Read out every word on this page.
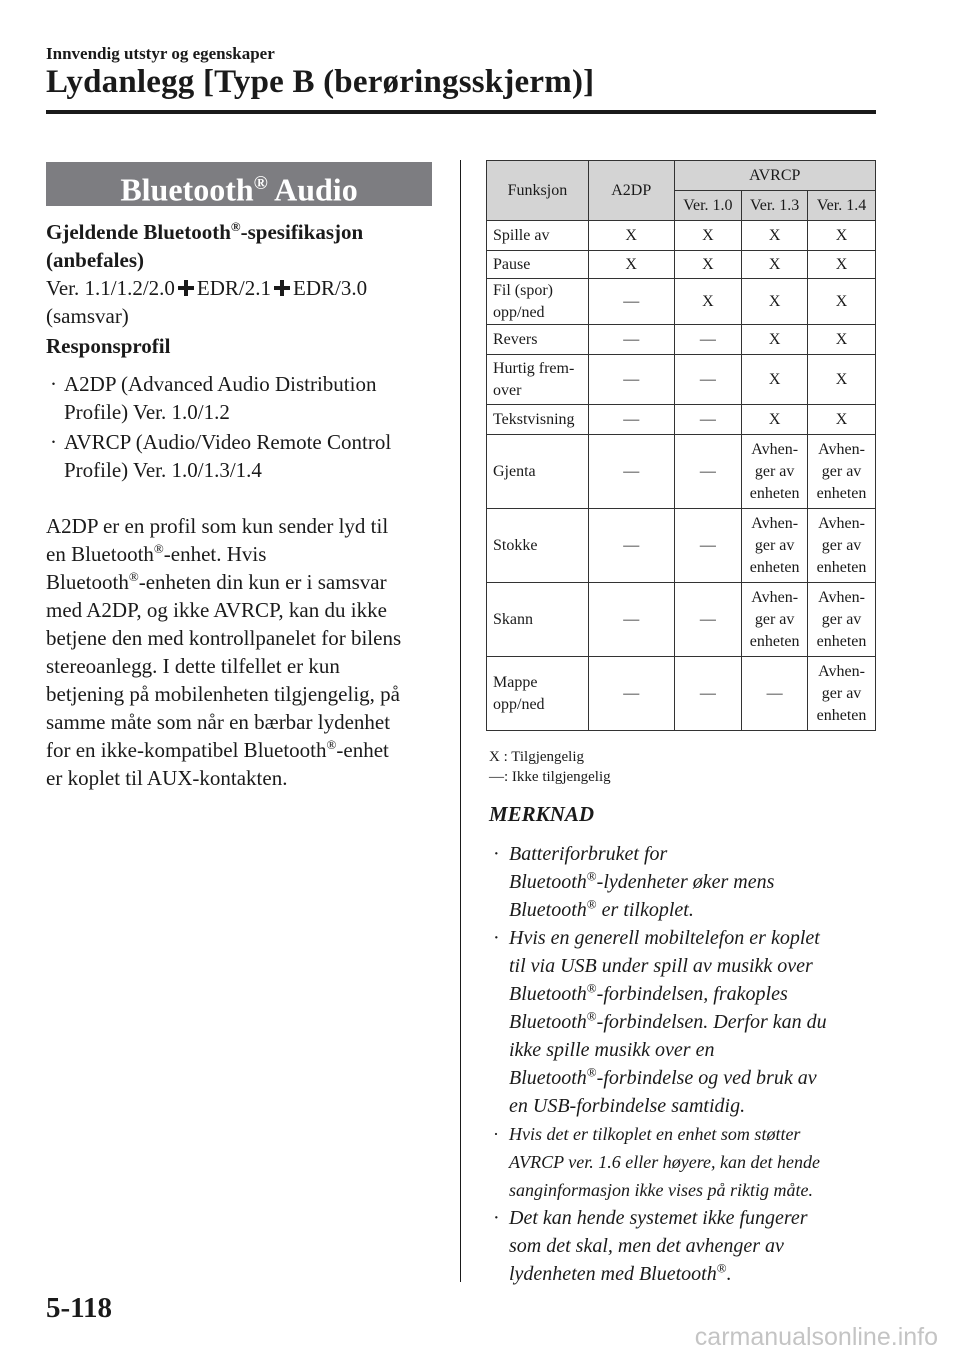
Innvendig utstyr og egenskaper
Lydanlegg [Type B (berøringsskjerm)]
Bluetooth® Audio

Gjeldende Bluetooth®-spesifikasjon

(anbefales)

Ver. 1.1/1.2/2.0 EDR/2.1 EDR/3.0

(samsvar)

Responsprofil

· A2DP (Advanced Audio Distribution

Profile) Ver. 1.0/1.2

· AVRCP (Audio/Video Remote Control

Profile) Ver. 1.0/1.3/1.4

A2DP er en profil som kun sender lyd til

en Bluetooth®-enhet. Hvis

Bluetooth®-enheten din kun er i samsvar

med A2DP, og ikke AVRCP, kan du ikke

betjene den med kontrollpanelet for bilens

stereoanlegg. I dette tilfellet er kun

betjening på mobilenheten tilgjengelig, på

samme måte som når en bærbar lydenhet

for en ikke-kompatibel Bluetooth®-enhet

er koplet til AUX-kontakten.

Funksjon	A2DP	AVRCP		
		Ver. 1.0	Ver. 1.3	Ver. 1.4

Spille av	X	X	X	X

Pause	X	X	X	X

Fil (spor)
opp/ned	—	X	X	X

Revers	—	—	X	X

Hurtig frem-
over	—	—	X	X

Tekstvisning	—	—	X	X

Gjenta	—	—	Avhen- ger av enheten	Avhen- ger av enheten

Stokke	—	—	Avhen- ger av enheten	Avhen- ger av enheten

Skann	—	—	Avhen- ger av enheten	Avhen- ger av enheten

Mappe
opp/ned	—	—	—	Avhen- ger av enheten
X : Tilgjengelig
—: Ikke tilgjengelig
MERKNAD
· Batteriforbruket for
Bluetooth®-lydenheter øker mens
Bluetooth® er tilkoplet.
· Hvis en generell mobiltelefon er koplet
til via USB under spill av musikk over
Bluetooth®-forbindelsen, frakoples
Bluetooth®-forbindelsen. Derfor kan du
ikke spille musikk over en
Bluetooth®-forbindelse og ved bruk av
en USB-forbindelse samtidig.
· Hvis det er tilkoplet en enhet som støtter
AVRCP ver. 1.6 eller høyere, kan det hende
sanginformasjon ikke vises på riktig måte.
· Det kan hende systemet ikke fungerer
som det skal, men det avhenger av
lydenheten med Bluetooth®.
5-118
carmanualsonline.info
